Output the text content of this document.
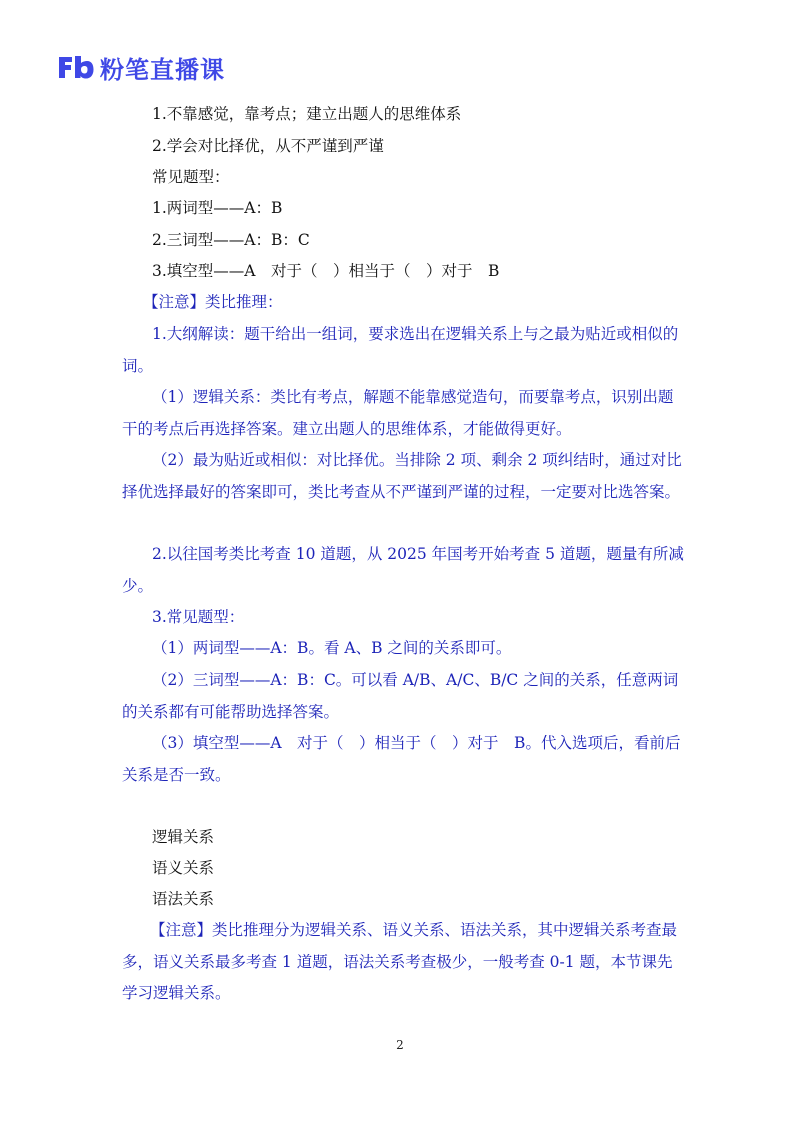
粉笔直播课
1.不靠感觉，靠考点；建立出题人的思维体系
2.学会对比择优，从不严谨到严谨
常见题型：
1.两词型——A：B
2.三词型——A：B：C
3.填空型——A　对于（　）相当于（　）对于　B
【注意】类比推理：
1.大纲解读：题干给出一组词，要求选出在逻辑关系上与之最为贴近或相似的词。
（1）逻辑关系：类比有考点，解题不能靠感觉造句，而要靠考点，识别出题干的考点后再选择答案。建立出题人的思维体系，才能做得更好。
（2）最为贴近或相似：对比择优。当排除 2 项、剩余 2 项纠结时，通过对比择优选择最好的答案即可，类比考查从不严谨到严谨的过程，一定要对比选答案。
2.以往国考类比考查 10 道题，从 2025 年国考开始考查 5 道题，题量有所减少。
3.常见题型：
（1）两词型——A：B。看 A、B 之间的关系即可。
（2）三词型——A：B：C。可以看 A/B、A/C、B/C 之间的关系，任意两词的关系都有可能帮助选择答案。
（3）填空型——A　对于（　）相当于（　）对于　B。代入选项后，看前后关系是否一致。
逻辑关系
语义关系
语法关系
【注意】类比推理分为逻辑关系、语义关系、语法关系，其中逻辑关系考查最多，语义关系最多考查 1 道题，语法关系考查极少，一般考查 0-1 题，本节课先学习逻辑关系。
2
